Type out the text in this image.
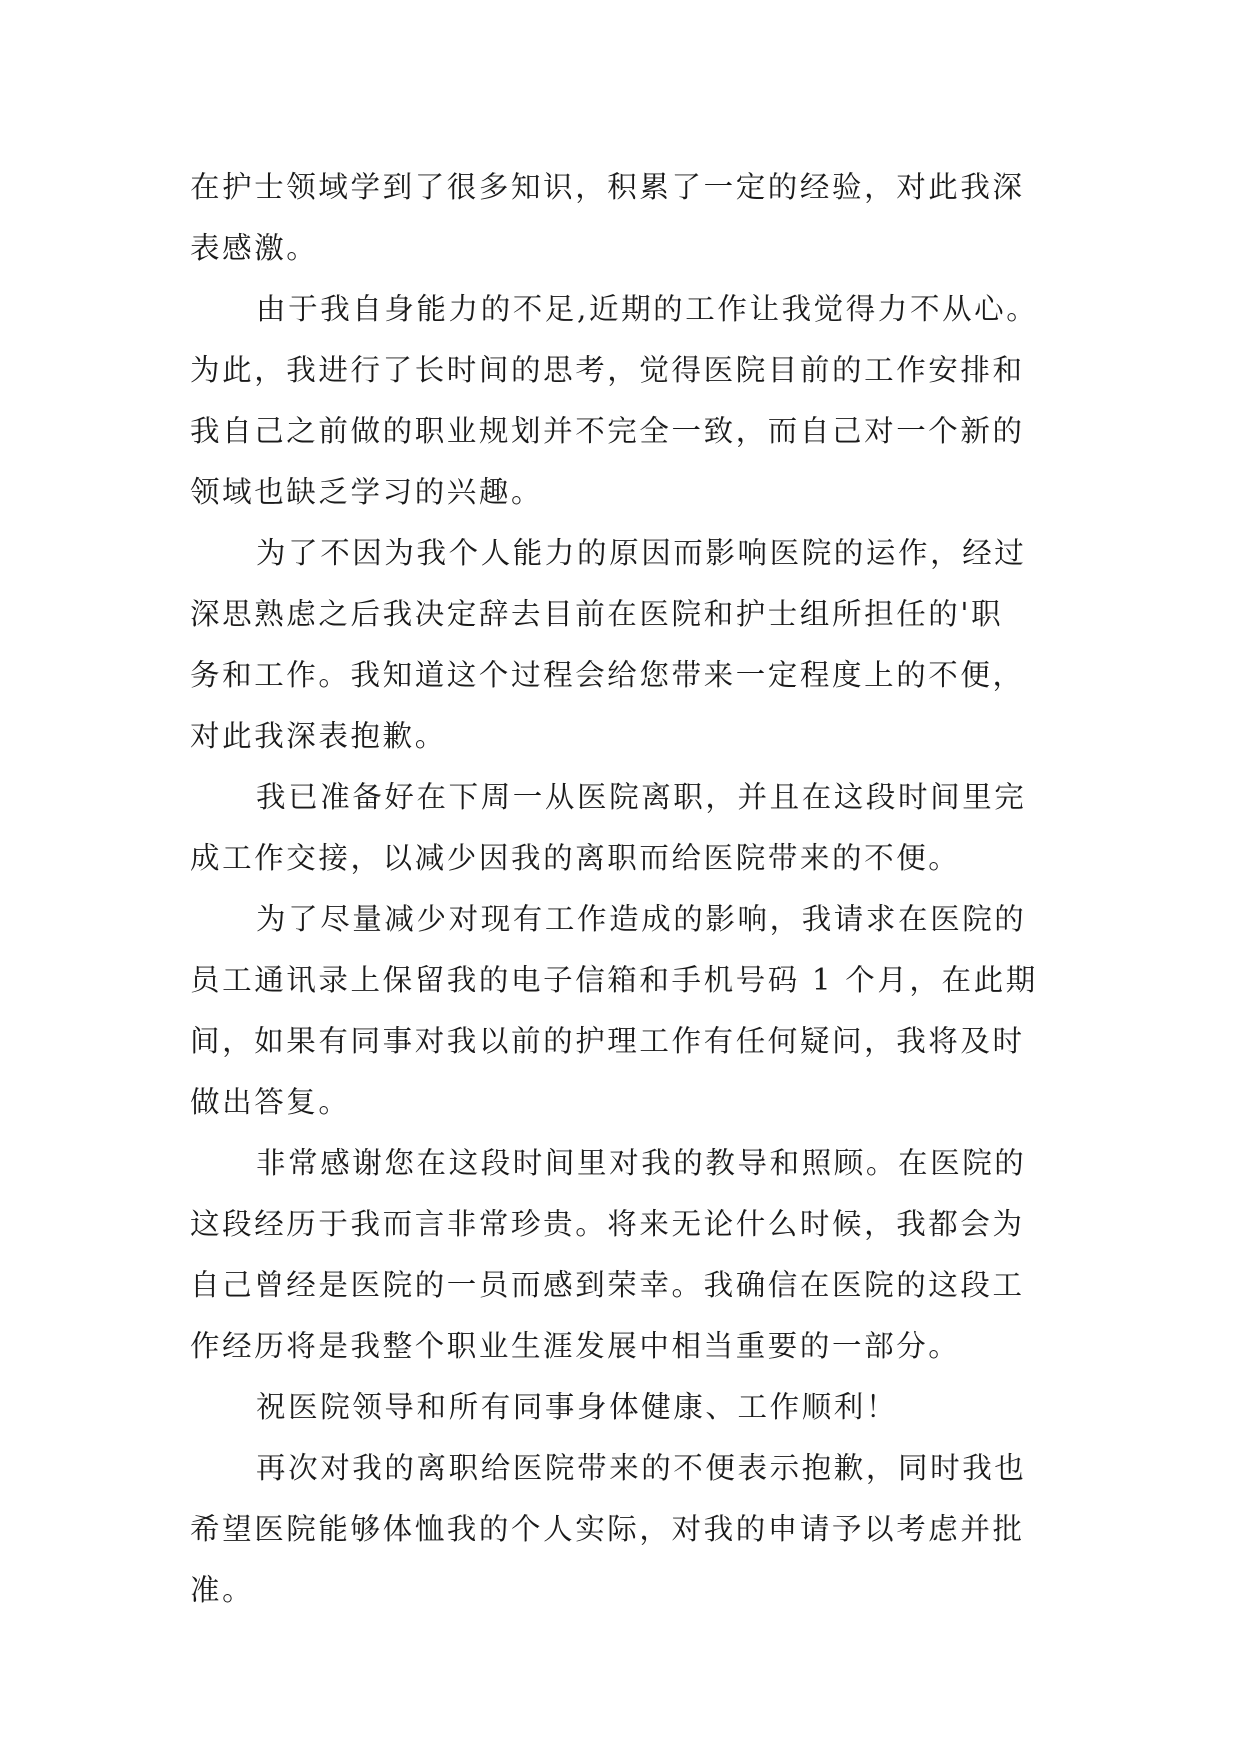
在护士领域学到了很多知识，积累了一定的经验，对此我深
表感激。
由于我自身能力的不足,近期的工作让我觉得力不从心。
为此，我进行了长时间的思考，觉得医院目前的工作安排和
我自己之前做的职业规划并不完全一致，而自己对一个新的
领域也缺乏学习的兴趣。
为了不因为我个人能力的原因而影响医院的运作，经过
深思熟虑之后我决定辞去目前在医院和护士组所担任的'职
务和工作。我知道这个过程会给您带来一定程度上的不便，
对此我深表抱歉。
我已准备好在下周一从医院离职，并且在这段时间里完
成工作交接，以减少因我的离职而给医院带来的不便。
为了尽量减少对现有工作造成的影响，我请求在医院的
员工通讯录上保留我的电子信箱和手机号码 1 个月，在此期
间，如果有同事对我以前的护理工作有任何疑问，我将及时
做出答复。
非常感谢您在这段时间里对我的教导和照顾。在医院的
这段经历于我而言非常珍贵。将来无论什么时候，我都会为
自己曾经是医院的一员而感到荣幸。我确信在医院的这段工
作经历将是我整个职业生涯发展中相当重要的一部分。
祝医院领导和所有同事身体健康、工作顺利！
再次对我的离职给医院带来的不便表示抱歉，同时我也
希望医院能够体恤我的个人实际，对我的申请予以考虑并批
准。
